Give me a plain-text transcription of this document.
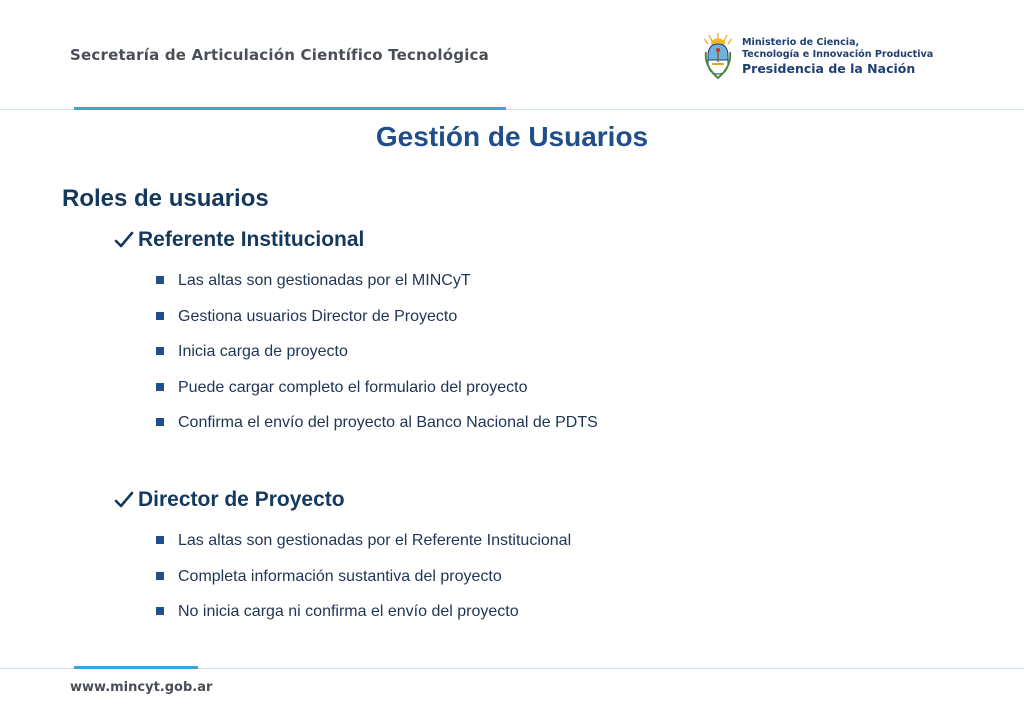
Secretaría de Articulación Científico Tecnológica
Ministerio de Ciencia,
Tecnología e Innovación Productiva
Presidencia de la Nación
Gestión de Usuarios
Roles de usuarios
Referente Institucional
Las altas son gestionadas por el MINCyT
Gestiona usuarios Director de Proyecto
Inicia carga de proyecto
Puede cargar completo el formulario del proyecto
Confirma el envío del proyecto al Banco Nacional de PDTS
Director de Proyecto
Las altas son gestionadas por el Referente Institucional
Completa información sustantiva del proyecto
No inicia carga ni confirma el envío del proyecto
www.mincyt.gob.ar
